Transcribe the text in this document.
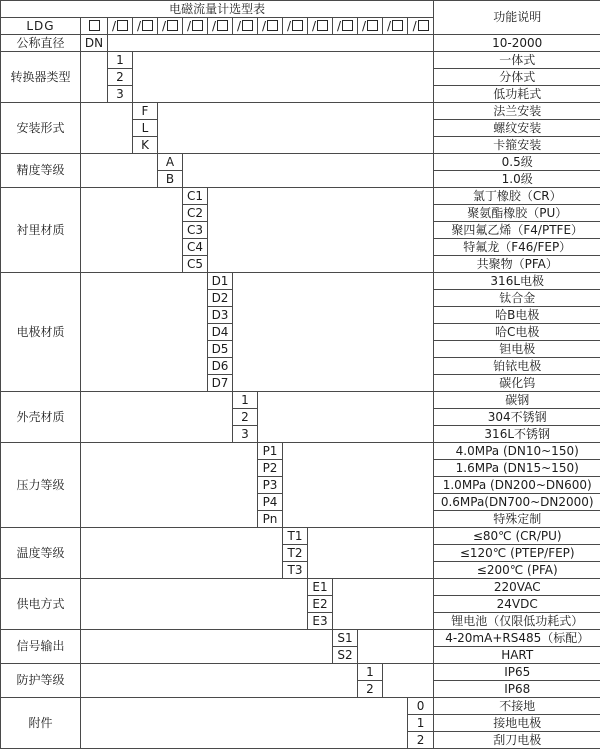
电磁流量计选型表															功能说明
LDG		/	/	/	/	/	/	/	/	/	/	/	/	/	
公称直径	DN														10-2000
转换器类型		1													一体式
		2													分体式
		3													低功耗式
安装形式			F												法兰安装
			L												螺纹安装
			K												卡箍安装
精度等级				A											0.5级
				B											1.0级
衬里材质					C1										氯丁橡胶（CR）
					C2										聚氨酯橡胶（PU）
					C3										聚四氟乙烯（F4/PTFE）
					C4										特氟龙（F46/FEP）
					C5										共聚物（PFA）
电极材质						D1									316L电极
						D2									钛合金
						D3									哈B电极
						D4									哈C电极
						D5									钽电极
						D6									铂铱电极
						D7									碳化钨
外壳材质							1								碳钢
							2								304不锈钢
							3								316L不锈钢
压力等级								P1							4.0MPa (DN10~150)
								P2							1.6MPa (DN15~150)
								P3							1.0MPa (DN200~DN600)
								P4							0.6MPa(DN700~DN2000)
								Pn							特殊定制
温度等级									T1						≤80℃ (CR/PU)
									T2						≤120℃ (PTEP/FEP)
									T3						≤200℃ (PFA)
供电方式										E1					220VAC
										E2					24VDC
										E3					锂电池（仅限低功耗式）
信号输出											S1				4-20mA+RS485（标配）
											S2				HART
防护等级												1			IP65
												2			IP68
附件														0	不接地
														1	接地电极
														2	刮刀电极
